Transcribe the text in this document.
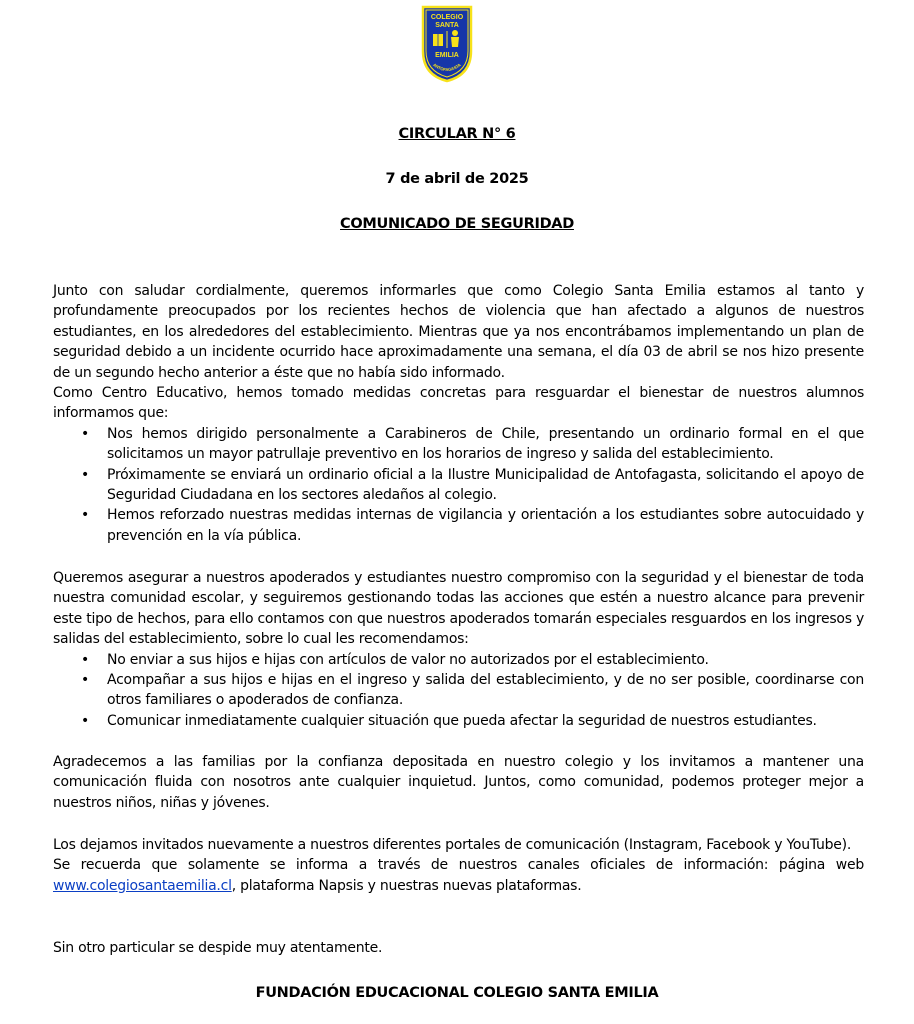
COLEGIO
SANTA
EMILIA
ANTOFAGASTA
CIRCULAR N° 6
7 de abril de 2025
COMUNICADO DE SEGURIDAD

Junto con saludar cordialmente, queremos informarles que como Colegio Santa Emilia estamos al tanto y profundamente preocupados por los recientes hechos de violencia que han afectado a algunos de nuestros estudiantes, en los alrededores del establecimiento. Mientras que ya nos encontrábamos implementando un plan de seguridad debido a un incidente ocurrido hace aproximadamente una semana, el día 03 de abril se nos hizo presente de un segundo hecho anterior a éste que no había sido informado.

Como Centro Educativo, hemos tomado medidas concretas para resguardar el bienestar de nuestros alumnos informamos que:

• Nos hemos dirigido personalmente a Carabineros de Chile, presentando un ordinario formal en el que solicitamos un mayor patrullaje preventivo en los horarios de ingreso y salida del establecimiento.
• Próximamente se enviará un ordinario oficial a la Ilustre Municipalidad de Antofagasta, solicitando el apoyo de Seguridad Ciudadana en los sectores aledaños al colegio.
• Hemos reforzado nuestras medidas internas de vigilancia y orientación a los estudiantes sobre autocuidado y prevención en la vía pública.

Queremos asegurar a nuestros apoderados y estudiantes nuestro compromiso con la seguridad y el bienestar de toda nuestra comunidad escolar, y seguiremos gestionando todas las acciones que estén a nuestro alcance para prevenir este tipo de hechos, para ello contamos con que nuestros apoderados tomarán especiales resguardos en los ingresos y salidas del establecimiento, sobre lo cual les recomendamos:

• No enviar a sus hijos e hijas con artículos de valor no autorizados por el establecimiento.
• Acompañar a sus hijos e hijas en el ingreso y salida del establecimiento, y de no ser posible, coordinarse con otros familiares o apoderados de confianza.
• Comunicar inmediatamente cualquier situación que pueda afectar la seguridad de nuestros estudiantes.

Agradecemos a las familias por la confianza depositada en nuestro colegio y los invitamos a mantener una comunicación fluida con nosotros ante cualquier inquietud. Juntos, como comunidad, podemos proteger mejor a nuestros niños, niñas y jóvenes.

Los dejamos invitados nuevamente a nuestros diferentes portales de comunicación (Instagram, Facebook y YouTube).

Se recuerda que solamente se informa a través de nuestros canales oficiales de información: página web www.colegiosantaemilia.cl, plataforma Napsis y nuestras nuevas plataformas.

Sin otro particular se despide muy atentamente.
FUNDACIÓN EDUCACIONAL COLEGIO SANTA EMILIA
